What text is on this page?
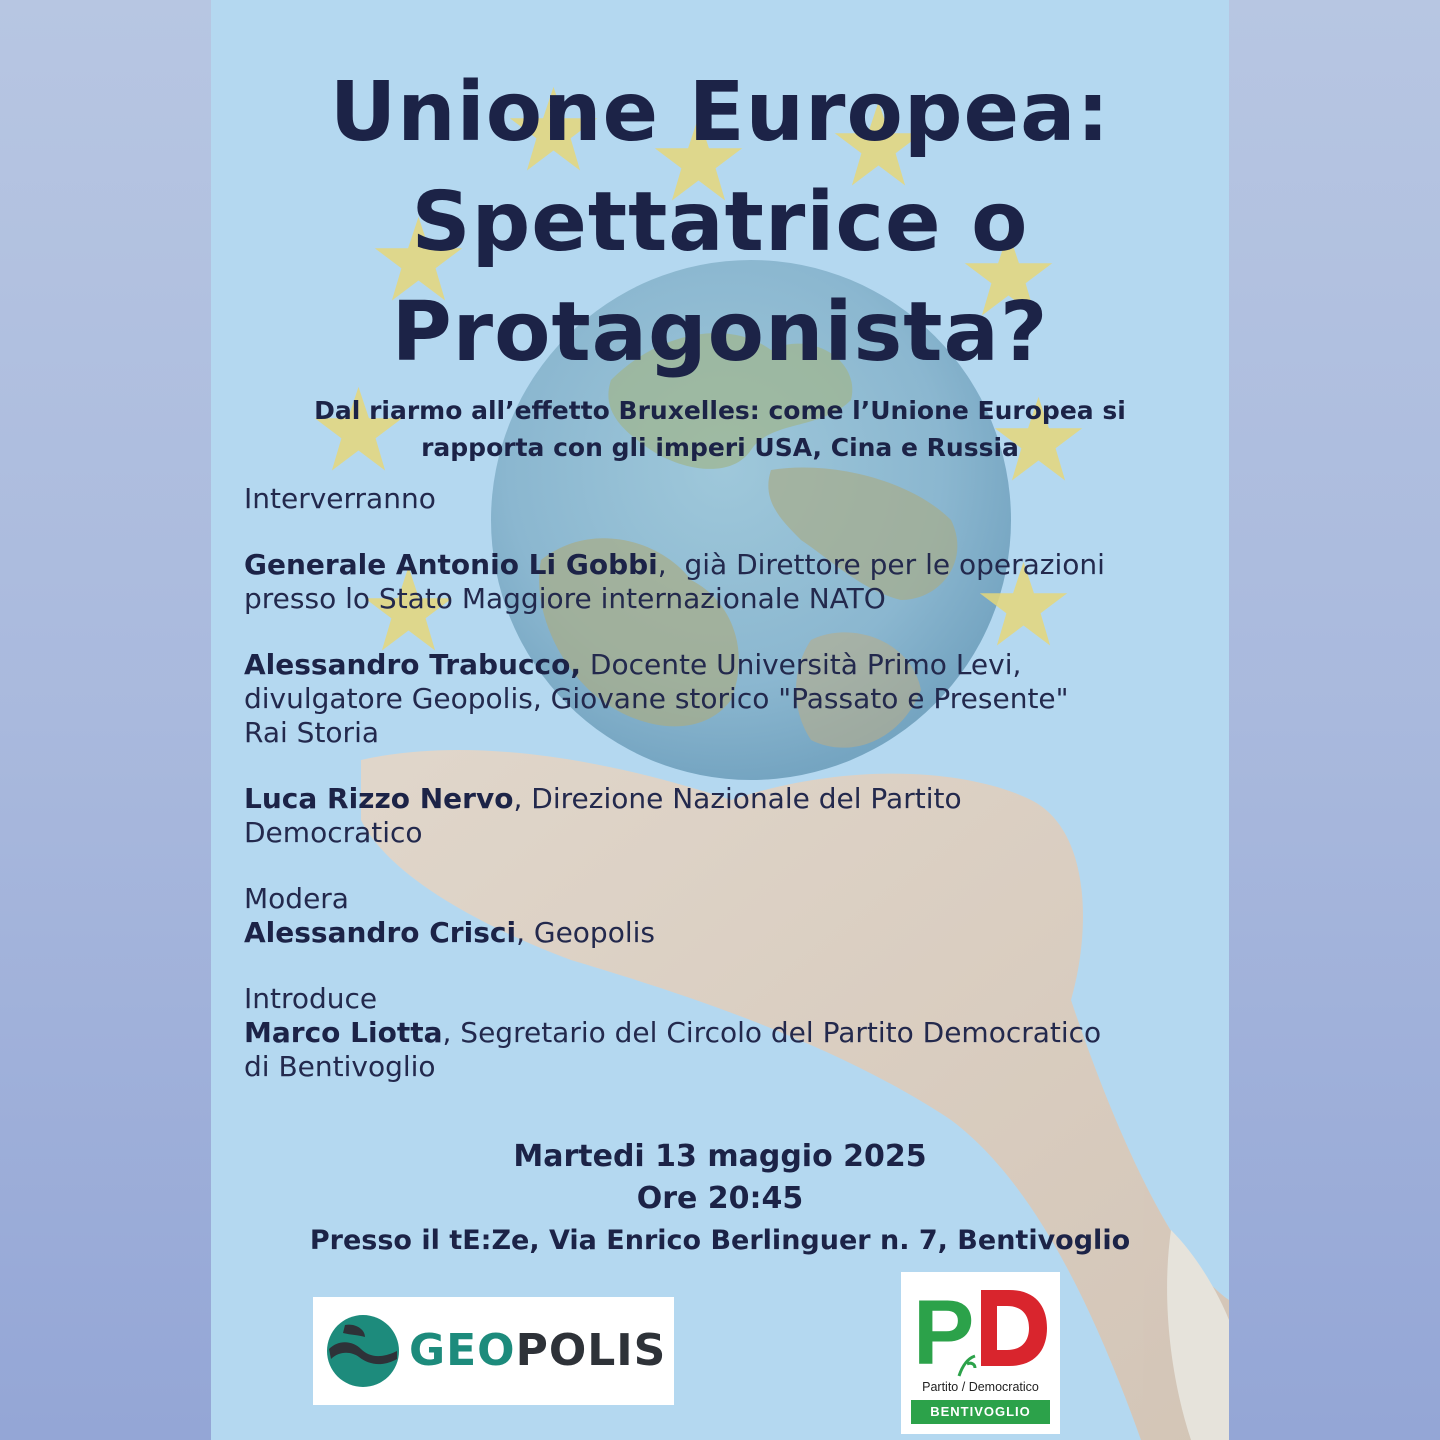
Unione Europea:
Spettatrice o
Protagonista?
Dal riarmo all’effetto Bruxelles: come l’Unione Europea si
rapporta con gli imperi USA, Cina e Russia

Interverranno

Generale Antonio Li Gobbi,  già Direttore per le operazioni

presso lo Stato Maggiore internazionale NATO

Alessandro Trabucco, Docente Università Primo Levi,

divulgatore Geopolis, Giovane storico "Passato e Presente"

Rai Storia

Luca Rizzo Nervo, Direzione Nazionale del Partito

Democratico

Modera

Alessandro Crisci, Geopolis

Introduce

Marco Liotta, Segretario del Circolo del Partito Democratico

di Bentivoglio

Martedi 13 maggio 2025
Ore 20:45
Presso il tE:Ze, Via Enrico Berlinguer n. 7, Bentivoglio
GEOPOLIS	P
Partito / Democratico
BENTIVOGLIO
